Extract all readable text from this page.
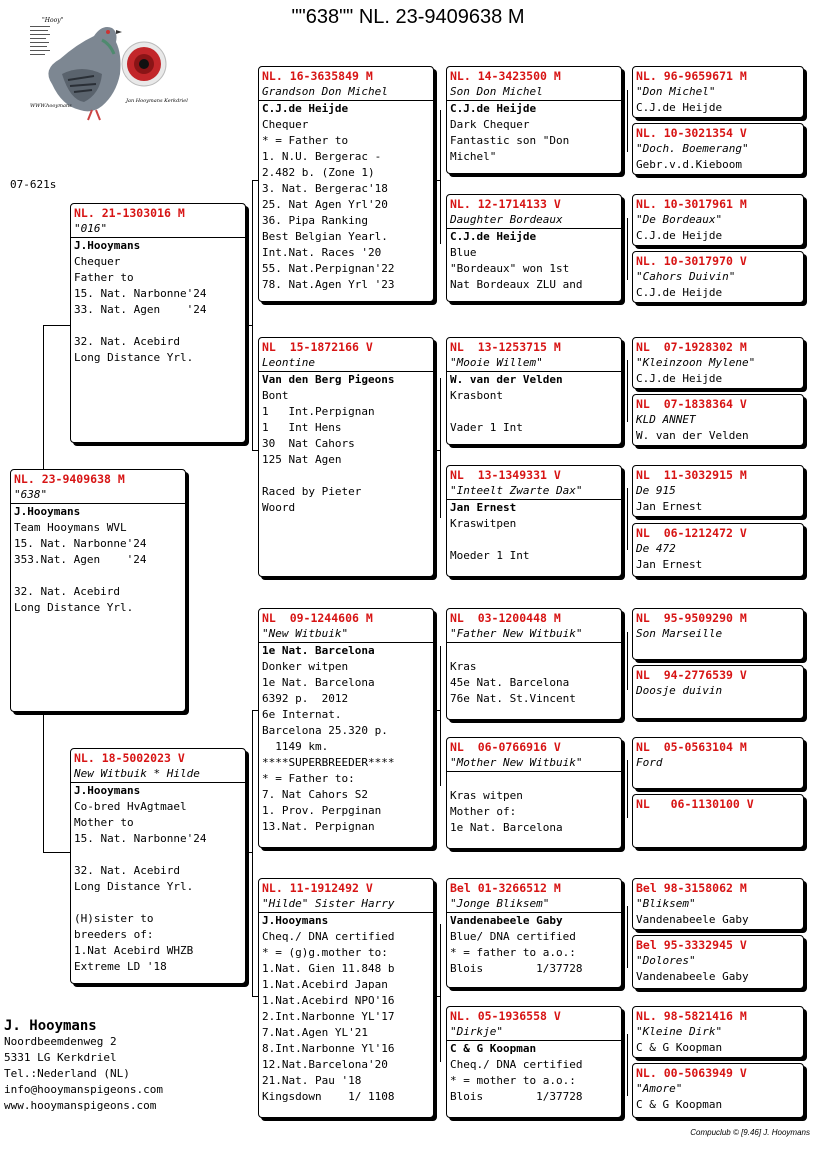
""638"" NL. 23-9409638 M
"Hooy"
Jan Hooymans Kerkdriel
WWW.hooymans
07-621s
NL. 23-9409638 M
"638"
J.Hooymans
Team Hooymans WVL
15. Nat. Narbonne'24
353.Nat. Agen    '24

32. Nat. Acebird
Long Distance Yrl.
NL. 21-1303016 M
"016"
J.Hooymans
Chequer
Father to
15. Nat. Narbonne'24
33. Nat. Agen    '24

32. Nat. Acebird
Long Distance Yrl.
NL. 18-5002023 V
New Witbuik * Hilde
J.Hooymans
Co-bred HvAgtmael
Mother to
15. Nat. Narbonne'24

32. Nat. Acebird
Long Distance Yrl.

(H)sister to
breeders of:
1.Nat Acebird WHZB
Extreme LD '18
NL. 16-3635849 M
Grandson Don Michel
C.J.de Heijde
Chequer
* = Father to
1. N.U. Bergerac -
2.482 b. (Zone 1)
3. Nat. Bergerac'18
25. Nat Agen Yrl'20
36. Pipa Ranking
Best Belgian Yearl.
Int.Nat. Races '20
55. Nat.Perpignan'22
78. Nat.Agen Yrl '23
NL  15-1872166 V
Leontine
Van den Berg Pigeons
Bont
1   Int.Perpignan
1   Int Hens
30  Nat Cahors
125 Nat Agen

Raced by Pieter
Woord
NL  09-1244606 M
"New Witbuik"
1e Nat. Barcelona
Donker witpen
1e Nat. Barcelona
6392 p.  2012
6e Internat.
Barcelona 25.320 p.
1149 km.
****SUPERBREEDER****
* = Father to:
7. Nat Cahors S2
1. Prov. Perpginan
13.Nat. Perpignan
NL. 11-1912492 V
"Hilde" Sister Harry
J.Hooymans
Cheq./ DNA certified
* = (g)g.mother to:
1.Nat. Gien 11.848 b
1.Nat.Acebird Japan
1.Nat.Acebird NPO'16
2.Int.Narbonne YL'17
7.Nat.Agen YL'21
8.Int.Narbonne Yl'16
12.Nat.Barcelona'20
21.Nat. Pau '18
Kingsdown    1/ 1108
NL. 14-3423500 M
Son Don Michel
C.J.de Heijde
Dark Chequer
Fantastic son "Don
Michel"
NL. 12-1714133 V
Daughter Bordeaux
C.J.de Heijde
Blue
"Bordeaux" won 1st
Nat Bordeaux ZLU and
NL  13-1253715 M
"Mooie Willem"
W. van der Velden
Krasbont

Vader 1 Int
NL  13-1349331 V
"Inteelt Zwarte Dax"
Jan Ernest
Kraswitpen

Moeder 1 Int
NL  03-1200448 M
"Father New Witbuik"

Kras
45e Nat. Barcelona
76e Nat. St.Vincent
NL  06-0766916 V
"Mother New Witbuik"

Kras witpen
Mother of:
1e Nat. Barcelona
Bel 01-3266512 M
"Jonge Bliksem"
Vandenabeele Gaby
Blue/ DNA certified
* = father to a.o.:
Blois        1/37728
NL. 05-1936558 V
"Dirkje"
C & G Koopman
Cheq./ DNA certified
* = mother to a.o.:
Blois        1/37728
NL. 96-9659671 M
"Don Michel"
C.J.de Heijde
NL. 10-3021354 V
"Doch. Boemerang"
Gebr.v.d.Kieboom
NL. 10-3017961 M
"De Bordeaux"
C.J.de Heijde
NL. 10-3017970 V
"Cahors Duivin"
C.J.de Heijde
NL  07-1928302 M
"Kleinzoon Mylene"
C.J.de Heijde
NL  07-1838364 V
KLD ANNET
W. van der Velden
NL  11-3032915 M
De 915
Jan Ernest
NL  06-1212472 V
De 472
Jan Ernest
NL  95-9509290 M
Son Marseille
NL  94-2776539 V
Doosje duivin
NL  05-0563104 M
Ford
NL   06-1130100 V
Bel 98-3158062 M
"Bliksem"
Vandenabeele Gaby
Bel 95-3332945 V
"Dolores"
Vandenabeele Gaby
NL. 98-5821416 M
"Kleine Dirk"
C & G Koopman
NL. 00-5063949 V
"Amore"
C & G Koopman
J. Hooymans
Noordbeemdenweg 2
5331 LG Kerkdriel
Tel.:Nederland (NL)
info@hooymanspigeons.com
www.hooymanspigeons.com
Compuclub © [9.46] J. Hooymans
